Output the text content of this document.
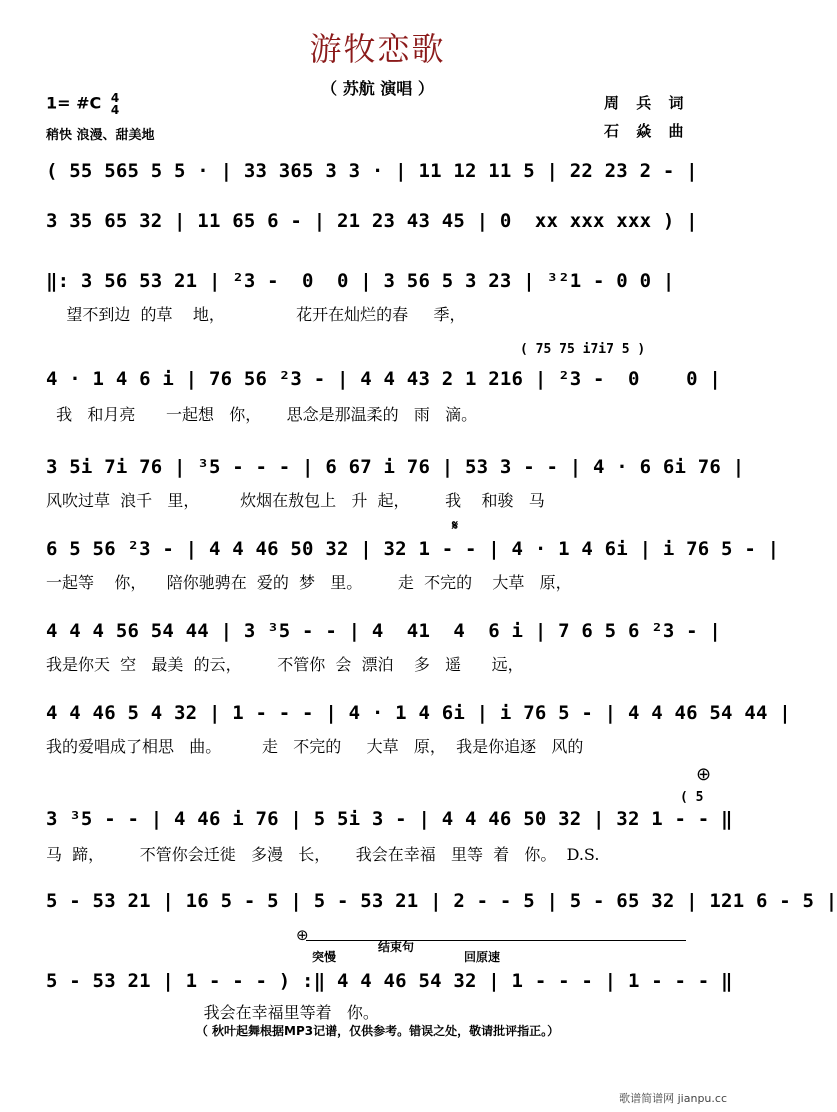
游牧恋歌
（ 苏航 演唱 ）
1= #C 4
4
稍快 浪漫、甜美地
周 兵 词
石 焱 曲
( 55 565 5 5 · | 33 365 3 3 · | 11 12 11 5 | 22 23 2 - |
3 35 65 32 | 11 65 6 - | 21 23 43 45 | 0  xx xxx xxx ) |
‖: 3 56 53 21 | ²3 -  0  0 | 3 56 5 3 23 | ³²1 - 0 0 |
望不到边  的草    地，              花开在灿烂的春     季，
( 75 75 i7i7 5 )
4 · 1 4 6 i | 76 56 ²3 - | 4 4 43 2 1 216 | ²3 -  0    0 |
我   和月亮      一起想   你，     思念是那温柔的   雨   滴。
3 5i 7i 76 | ³5 - - - | 6 67 i 76 | 53 3 - - | 4 · 6 6i 76 |
风吹过草  浪千   里，        炊烟在敖包上   升  起，       我    和骏   马
𝄋
6 5 56 ²3 - | 4 4 46 50 32 | 32 1 - - | 4 · 1 4 6i | i 76 5 - |
一起等    你，    陪你驰骋在  爱的  梦   里。       走  不完的    大草   原，
4 4 4 56 54 44 | 3 ³5 - - | 4  41  4  6 i | 7 6 5 6 ²3 - |
我是你天  空   最美  的云，       不管你  会  漂泊    多   遥      远，
4 4 46 5 4 32 | 1 - - - | 4 · 1 4 6i | i 76 5 - | 4 4 46 54 44 |
我的爱唱成了相思   曲。        走   不完的     大草   原，  我是你追逐   风的
⊕
( 5
3 ³5 - - | 4 46 i 76 | 5 5i 3 - | 4 4 46 50 32 | 32 1 - - ‖
马  蹄，       不管你会迁徙   多漫   长，     我会在幸福   里等  着   你。  D.S.
5 - 53 21 | 16 5 - 5 | 5 - 53 21 | 2 - - 5 | 5 - 65 32 | 121 6 - 5 |
⊕
结束句
突慢	回原速
5 - 53 21 | 1 - - - ) :‖ 4 4 46 54 32 | 1 - - - | 1 - - - ‖
我会在幸福里等着   你。
（ 秋叶起舞根据MP3记谱，仅供参考。错误之处，敬请批评指正。）
歌谱简谱网 jianpu.cc
